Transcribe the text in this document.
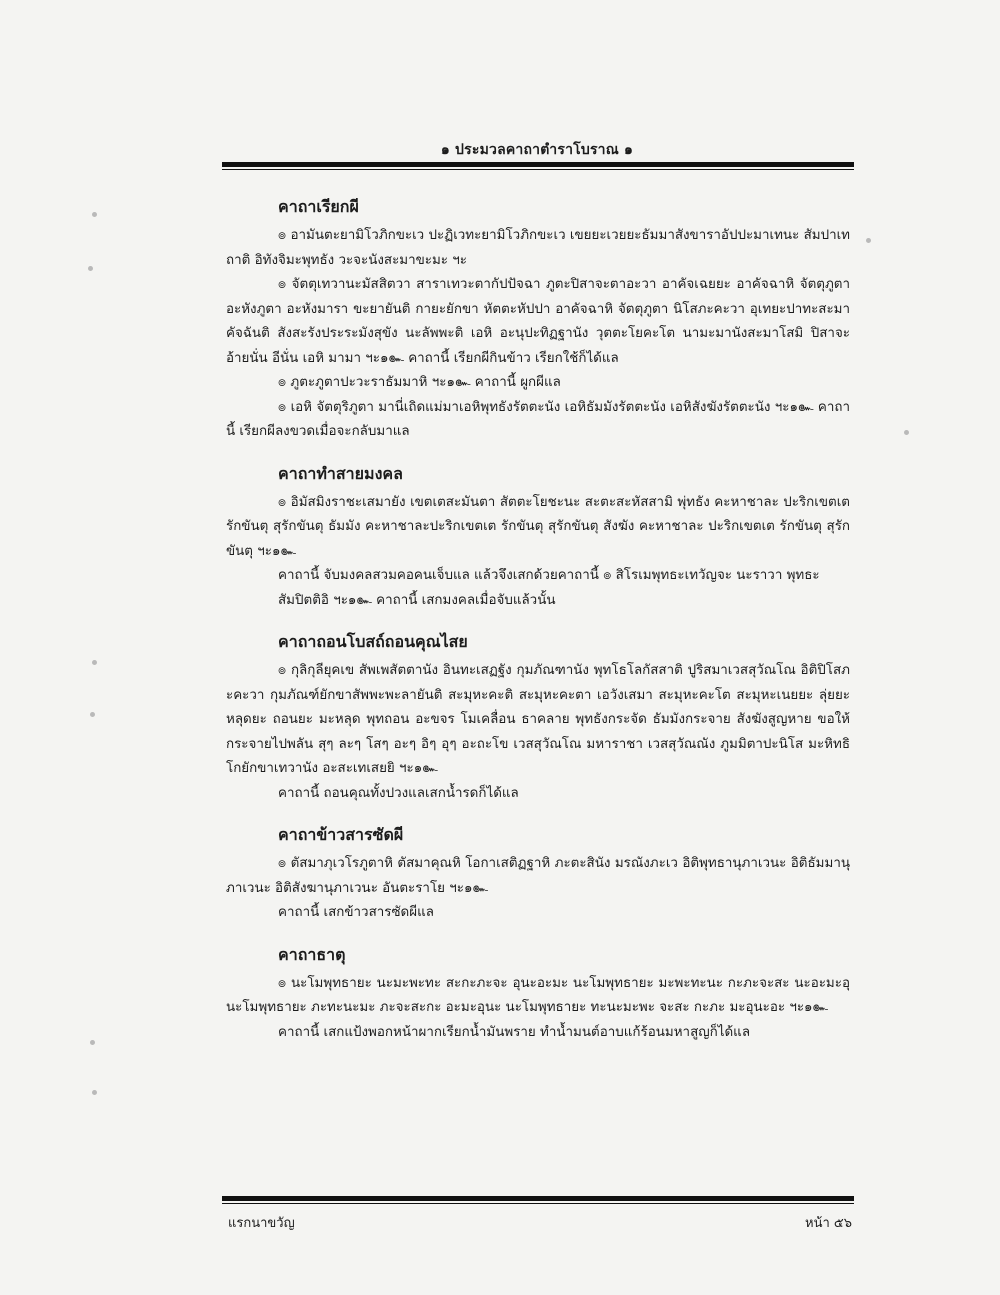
๑ ประมวลคาถาตำราโบราณ ๑
คาถาเรียกผี

๏ อามันตะยามิโวภิกขะเว ปะฏิเวทะยามิโวภิกขะเว เขยยะเวยยะธัมมาสังขาราอัปปะมาเทนะ สัมปาเทถาติ อิทังจิมะพุทธัง วะจะนังสะมาขะมะ ฯะ

๏ จัตตุเทวานะมัสสิตวา สาราเทวะตากัปปัจฉา ภูตะปิสาจะตาอะวา อาคัจเฉยยะ อาคัจฉาหิ จัตตุภูตา อะหังภูตา อะหังมารา ขะยายันติ กายะยักขา หัตตะหัปปา อาคัจฉาหิ จัตตุภูตา นิโสภะคะวา อุเทยะปาทะสะมาคัจฉันติ สังสะรังประระมังสุขัง นะลัพพะติ เอหิ อะนุปะทิฏฐานัง วุตตะโยคะโต นามะมานังสะมาโสมิ ปิสาจะ อ้ายนั่น อีนั่น เอหิ มามา ฯะ๑๛ คาถานี้ เรียกผีกินข้าว เรียกใช้ก็ได้แล

๏ ภูตะภูตาปะวะราธัมมาหิ ฯะ๑๛ คาถานี้ ผูกผีแล

๏ เอหิ จัตตุริภูตา มานี่เถิดแม่มาเอหิพุทธังรัตตะนัง เอหิธัมมังรัตตะนัง เอหิสังฆังรัตตะนัง ฯะ๑๛ คาถานี้ เรียกผีลงขวดเมื่อจะกลับมาแล

คาถาทำสายมงคล

๏ อิมัสมิงราชะเสมายัง เขตเตสะมันตา สัตตะโยชะนะ สะตะสะหัสสามิ พุ่ทธัง คะหาชาละ ปะริกเขตเต รักขันตุ สุรักขันตุ ธัมมัง คะหาชาละปะริกเขตเต รักขันตุ สุรักขันตุ สังฆัง คะหาชาละ ปะริกเขตเต รักขันตุ สุรักขันตุ ฯะ๑๛

คาถานี้ จับมงคลสวมคอคนเจ็บแล แล้วจึงเสกด้วยคาถานี้ ๏ สิโรเมพุทธะเทวัญจะ นะราวา พุทธะสัมปิตติอิ ฯะ๑๛ คาถานี้ เสกมงคลเมื่อจับแล้วนั้น

คาถาถอนโบสถ์ถอนคุณไสย

๏ กุลิกุลียุคเข สัพเพสัตตานัง อินทะเสฏฐัง กุมภัณฑานัง พุทโธโลกัสสาติ ปูริสมาเวสสุวัณโณ อิติปิโสภะคะวา กุมภัณฑ์ยักขาสัพพะพะลายันติ สะมุหะคะติ สะมุหะคะตา เอวังเสมา สะมุหะคะโต สะมุหะเนยยะ ลุ่ยยะ หลุดยะ ถอนยะ มะหลุด พุทถอน อะขจร โมเคลื่อน ธาคลาย พุทธังกระจัด ธัมมังกระจาย สังฆังสูญหาย ขอให้กระจายไปพลัน สุๆ ละๆ โสๆ อะๆ อิๆ อุๆ อะถะโข เวสสุวัณโณ มหาราชา เวสสุวัณณัง ภูมมิตาปะนิโส มะหิทธิโกยักขาเทวานัง อะสะเทเสยยิ ฯะ๑๛

คาถานี้ ถอนคุณทั้งปวงแลเสกน้ำรดก็ได้แล

คาถาข้าวสารซัดผี

๏ ตัสมาภุเวโรภูตาหิ ตัสมาคุณหิ โอกาเสติฏฐาหิ ภะตะสินัง มรณังภะเว อิติพุทธานุภาเวนะ อิติธัมมานุภาเวนะ อิติสังฆานุภาเวนะ อันตะราโย ฯะ๑๛

คาถานี้ เสกข้าวสารซัดผีแล

คาถาธาตุ

๏ นะโมพุทธายะ นะมะพะทะ สะกะภะจะ อุนะอะมะ นะโมพุทธายะ มะพะทะนะ กะภะจะสะ นะอะมะอุ นะโมพุทธายะ ภะทะนะมะ ภะจะสะกะ อะมะอุนะ นะโมพุทธายะ ทะนะมะพะ จะสะ กะภะ มะอุนะอะ ฯะ๑๛

คาถานี้ เสกแป้งพอกหน้าผากเรียกน้ำมันพราย ทำน้ำมนต์อาบแก้ร้อนมหาสูญก็ได้แล

แรกนาขวัญ	หน้า ๕๖
